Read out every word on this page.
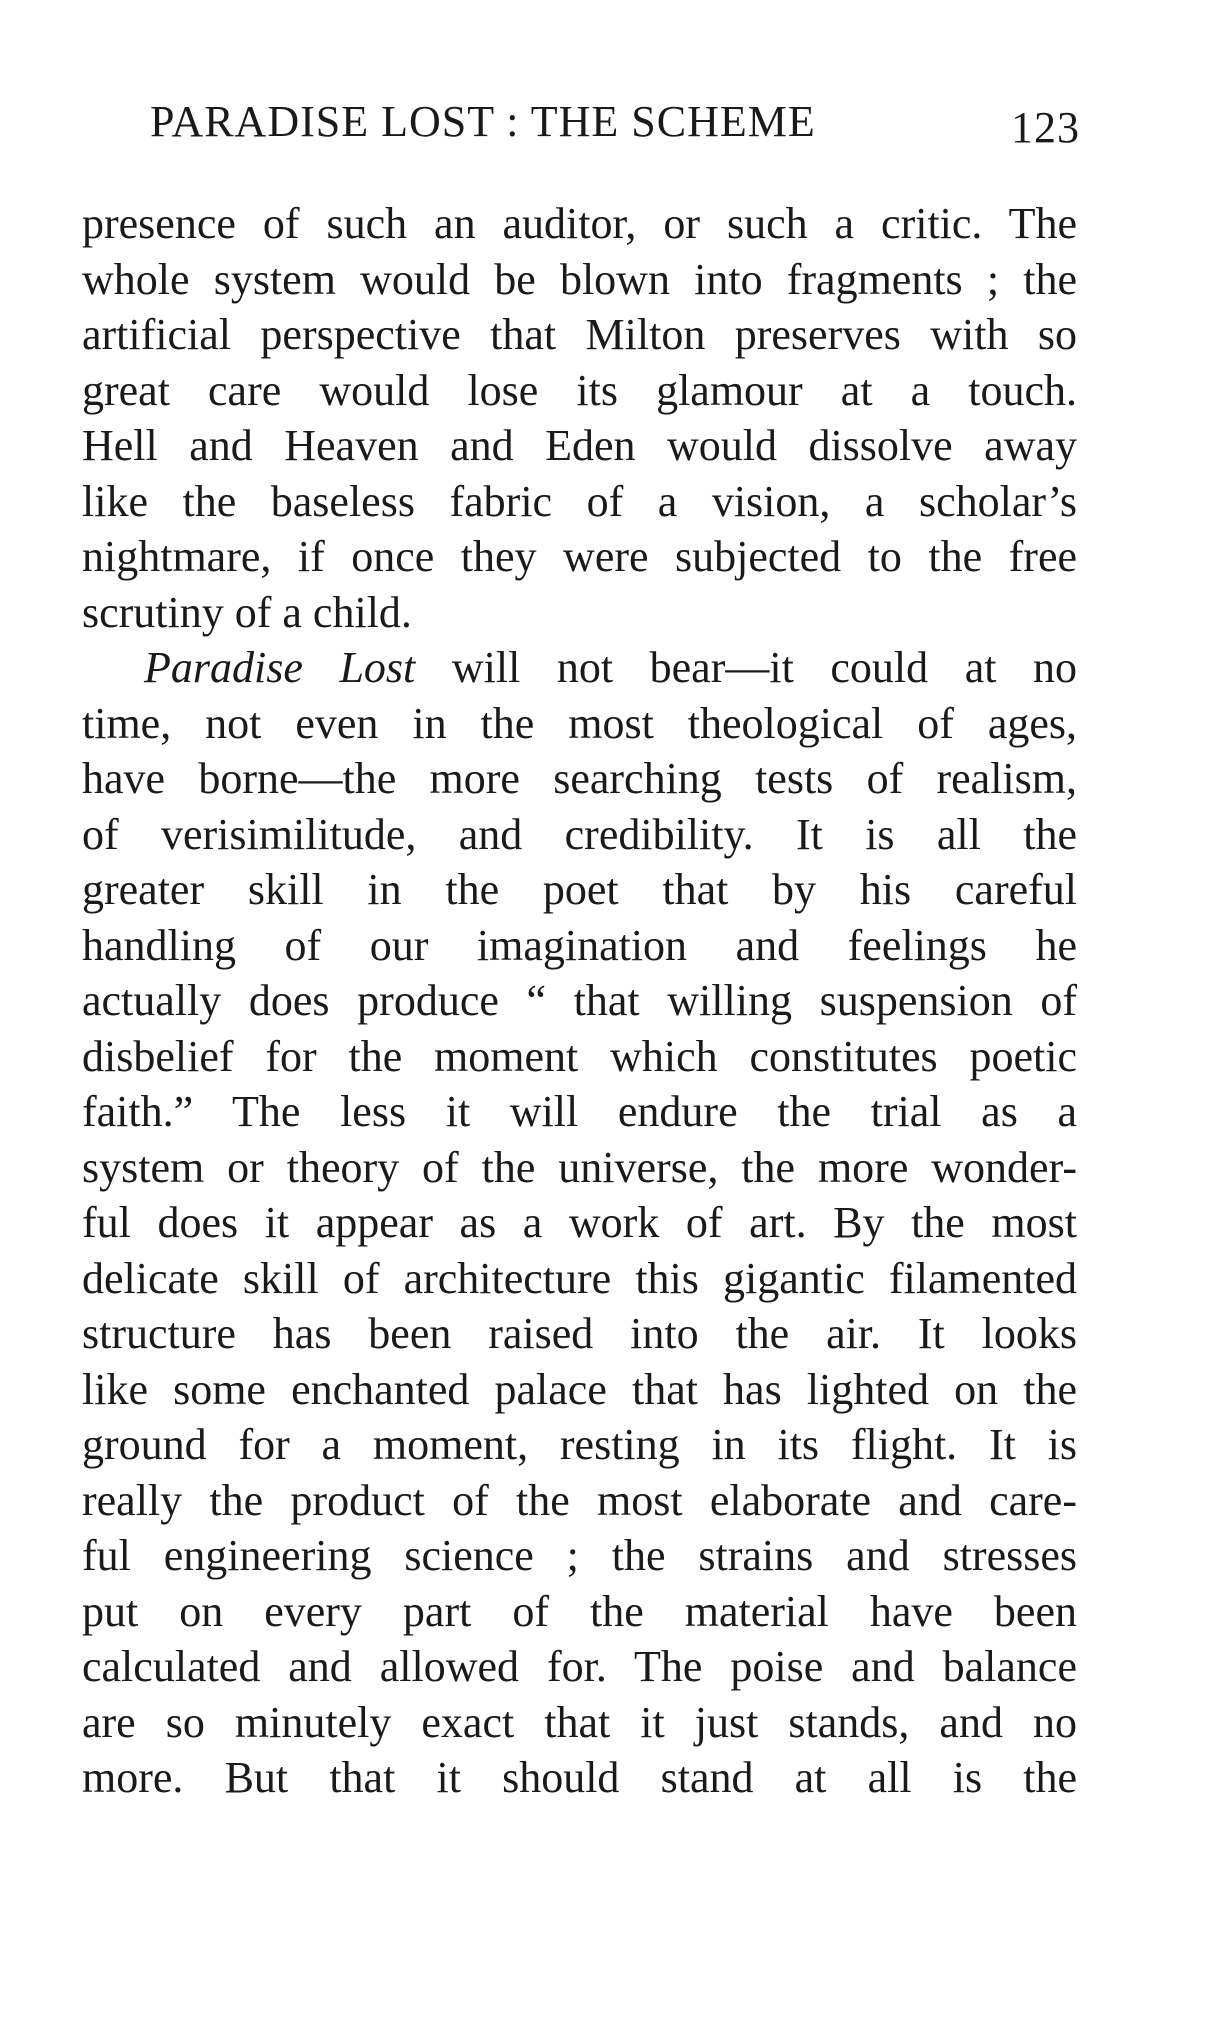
PARADISE LOST : THE SCHEME	123
presence of such an auditor, or such a critic. The
whole system would be blown into fragments ; the
artificial perspective that Milton preserves with so
great care would lose its glamour at a touch.
Hell and Heaven and Eden would dissolve away
like the baseless fabric of a vision, a scholar’s
nightmare, if once they were subjected to the free
scrutiny of a child.
Paradise Lost will not bear—it could at no
time, not even in the most theological of ages,
have borne—the more searching tests of realism,
of verisimilitude, and credibility. It is all the
greater skill in the poet that by his careful
handling of our imagination and feelings he
actually does produce “ that willing suspension of
disbelief for the moment which constitutes poetic
faith.” The less it will endure the trial as a
system or theory of the universe, the more wonder-
ful does it appear as a work of art. By the most
delicate skill of architecture this gigantic filamented
structure has been raised into the air. It looks
like some enchanted palace that has lighted on the
ground for a moment, resting in its flight. It is
really the product of the most elaborate and care-
ful engineering science ; the strains and stresses
put on every part of the material have been
calculated and allowed for. The poise and balance
are so minutely exact that it just stands, and no
more. But that it should stand at all is the
